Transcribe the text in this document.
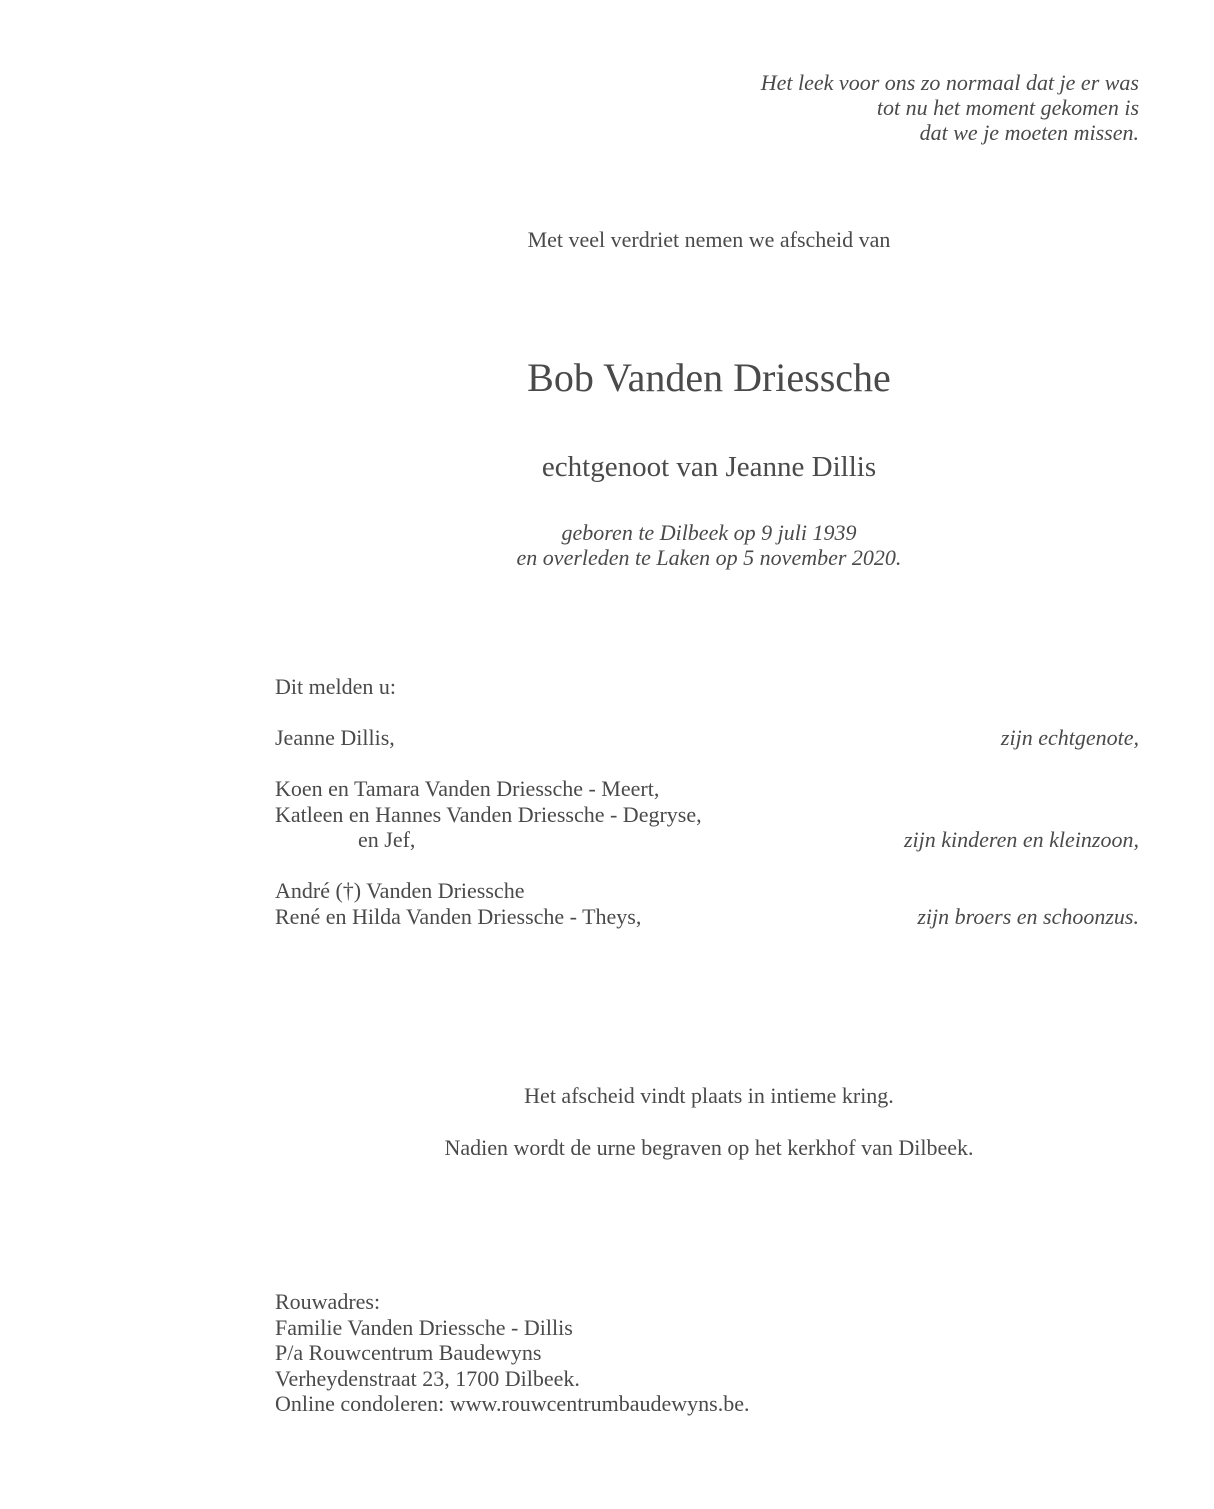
Het leek voor ons zo normaal dat je er was
tot nu het moment gekomen is
dat we je moeten missen.
Met veel verdriet nemen we afscheid van
Bob Vanden Driessche
echtgenoot van Jeanne Dillis
geboren te Dilbeek op 9 juli 1939
en overleden te Laken op 5 november 2020.
Dit melden u:
Jeanne Dillis,	zijn echtgenote,
Koen en Tamara Vanden Driessche - Meert,
Katleen en Hannes Vanden Driessche - Degryse,
en Jef,	zijn kinderen en kleinzoon,
André (†) Vanden Driessche
René en Hilda Vanden Driessche - Theys,	zijn broers en schoonzus.
Het afscheid vindt plaats in intieme kring.
Nadien wordt de urne begraven op het kerkhof van Dilbeek.
Rouwadres:
Familie Vanden Driessche - Dillis
P/a Rouwcentrum Baudewyns
Verheydenstraat 23, 1700 Dilbeek.
Online condoleren: www.rouwcentrumbaudewyns.be.
